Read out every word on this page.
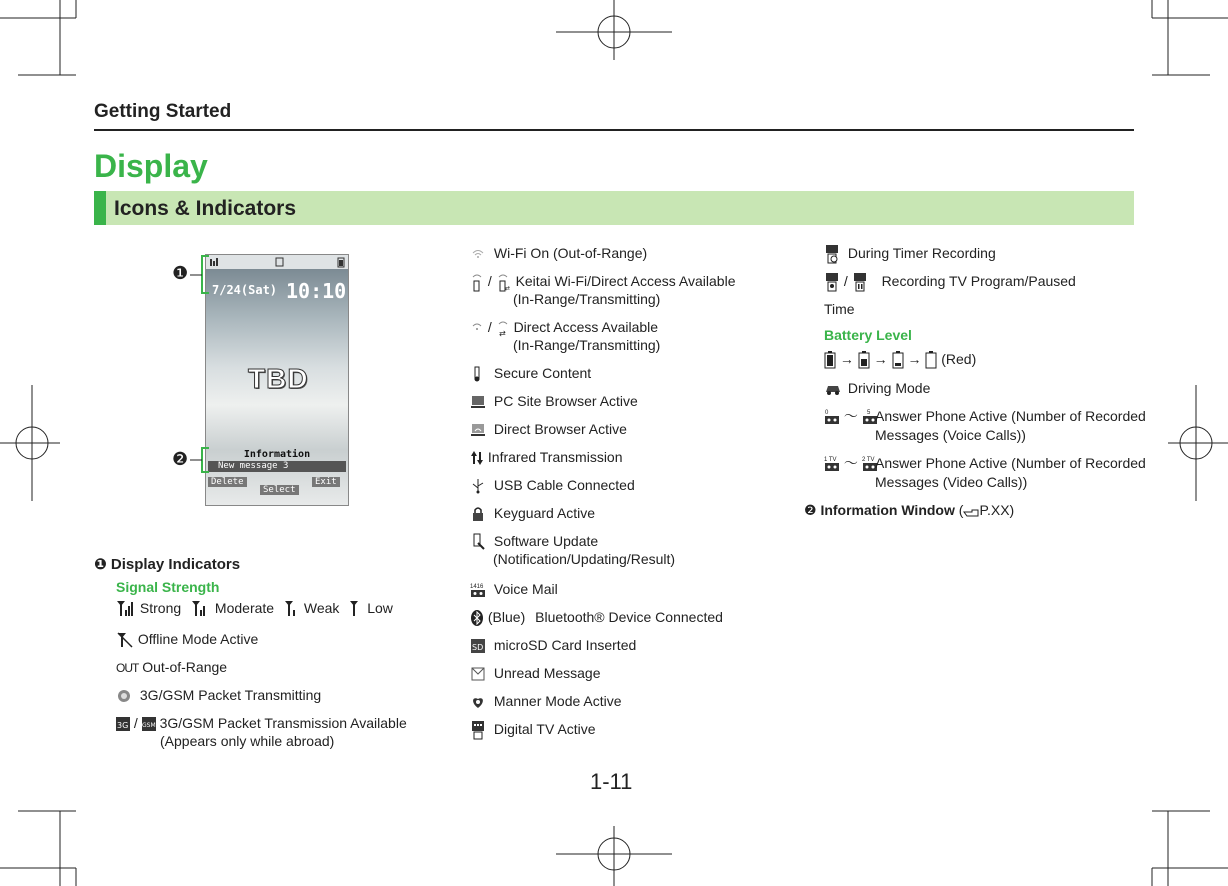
Getting Started
Display
Icons & Indicators
7/24(Sat) 10:10
TBD
Information
New message 3
Delete
Select
Exit
❶
❷
❶ Display Indicators
Signal Strength
Strong Moderate Weak Low
Offline Mode Active
OUT Out-of-Range
3G/GSM Packet Transmitting
3G / GSM 3G/GSM Packet Transmission Available
(Appears only while abroad)
Wi-Fi On (Out-of-Range)
/
⇄
Keitai Wi-Fi/Direct Access Available
(In-Range/Transmitting)
/ ⇄ Direct Access Available
(In-Range/Transmitting)
Secure Content
PC Site Browser Active
Direct Browser Active
Infrared Transmission
USB Cable Connected
Keyguard Active
Software Update
(Notification/Updating/Result)
1416 Voice Mail
(Blue) Bluetooth® Device Connected
SD microSD Card Inserted
Unread Message
Manner Mode Active
Digital TV Active
During Timer Recording
/ Recording TV Program/Paused
Time
Battery Level
→ → → (Red)
Driving Mode
0 ～ 5 Answer Phone Active (Number of Recorded
Messages (Voice Calls))
1 TV ～ 2 TV Answer Phone Active (Number of Recorded
Messages (Video Calls))
❷ Information Window ( P.XX)
1-11
